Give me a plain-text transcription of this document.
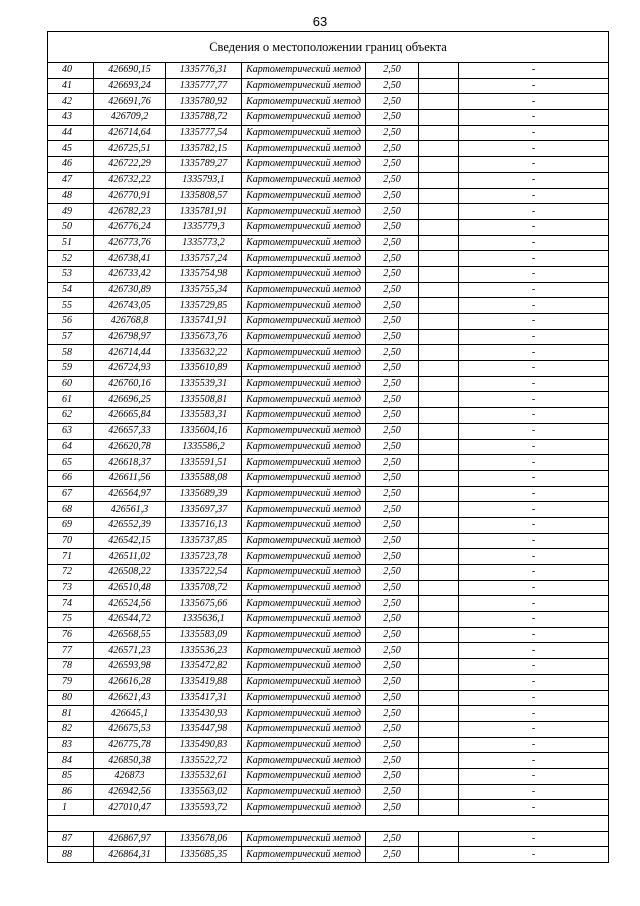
63
Сведения о местоположении границ объекта						
40	426690,15	1335776,31	Картометрический метод	2,50		-
41	426693,24	1335777,77	Картометрический метод	2,50		-
42	426691,76	1335780,92	Картометрический метод	2,50		-
43	426709,2	1335788,72	Картометрический метод	2,50		-
44	426714,64	1335777,54	Картометрический метод	2,50		-
45	426725,51	1335782,15	Картометрический метод	2,50		-
46	426722,29	1335789,27	Картометрический метод	2,50		-
47	426732,22	1335793,1	Картометрический метод	2,50		-
48	426770,91	1335808,57	Картометрический метод	2,50		-
49	426782,23	1335781,91	Картометрический метод	2,50		-
50	426776,24	1335779,3	Картометрический метод	2,50		-
51	426773,76	1335773,2	Картометрический метод	2,50		-
52	426738,41	1335757,24	Картометрический метод	2,50		-
53	426733,42	1335754,98	Картометрический метод	2,50		-
54	426730,89	1335755,34	Картометрический метод	2,50		-
55	426743,05	1335729,85	Картометрический метод	2,50		-
56	426768,8	1335741,91	Картометрический метод	2,50		-
57	426798,97	1335673,76	Картометрический метод	2,50		-
58	426714,44	1335632,22	Картометрический метод	2,50		-
59	426724,93	1335610,89	Картометрический метод	2,50		-
60	426760,16	1335539,31	Картометрический метод	2,50		-
61	426696,25	1335508,81	Картометрический метод	2,50		-
62	426665,84	1335583,31	Картометрический метод	2,50		-
63	426657,33	1335604,16	Картометрический метод	2,50		-
64	426620,78	1335586,2	Картометрический метод	2,50		-
65	426618,37	1335591,51	Картометрический метод	2,50		-
66	426611,56	1335588,08	Картометрический метод	2,50		-
67	426564,97	1335689,39	Картометрический метод	2,50		-
68	426561,3	1335697,37	Картометрический метод	2,50		-
69	426552,39	1335716,13	Картометрический метод	2,50		-
70	426542,15	1335737,85	Картометрический метод	2,50		-
71	426511,02	1335723,78	Картометрический метод	2,50		-
72	426508,22	1335722,54	Картометрический метод	2,50		-
73	426510,48	1335708,72	Картометрический метод	2,50		-
74	426524,56	1335675,66	Картометрический метод	2,50		-
75	426544,72	1335636,1	Картометрический метод	2,50		-
76	426568,55	1335583,09	Картометрический метод	2,50		-
77	426571,23	1335536,23	Картометрический метод	2,50		-
78	426593,98	1335472,82	Картометрический метод	2,50		-
79	426616,28	1335419,88	Картометрический метод	2,50		-
80	426621,43	1335417,31	Картометрический метод	2,50		-
81	426645,1	1335430,93	Картометрический метод	2,50		-
82	426675,53	1335447,98	Картометрический метод	2,50		-
83	426775,78	1335490,83	Картометрический метод	2,50		-
84	426850,38	1335522,72	Картометрический метод	2,50		-
85	426873	1335532,61	Картометрический метод	2,50		-
86	426942,56	1335563,02	Картометрический метод	2,50		-
1	427010,47	1335593,72	Картометрический метод	2,50		-

87	426867,97	1335678,06	Картометрический метод	2,50		-
88	426864,31	1335685,35	Картометрический метод	2,50		-
